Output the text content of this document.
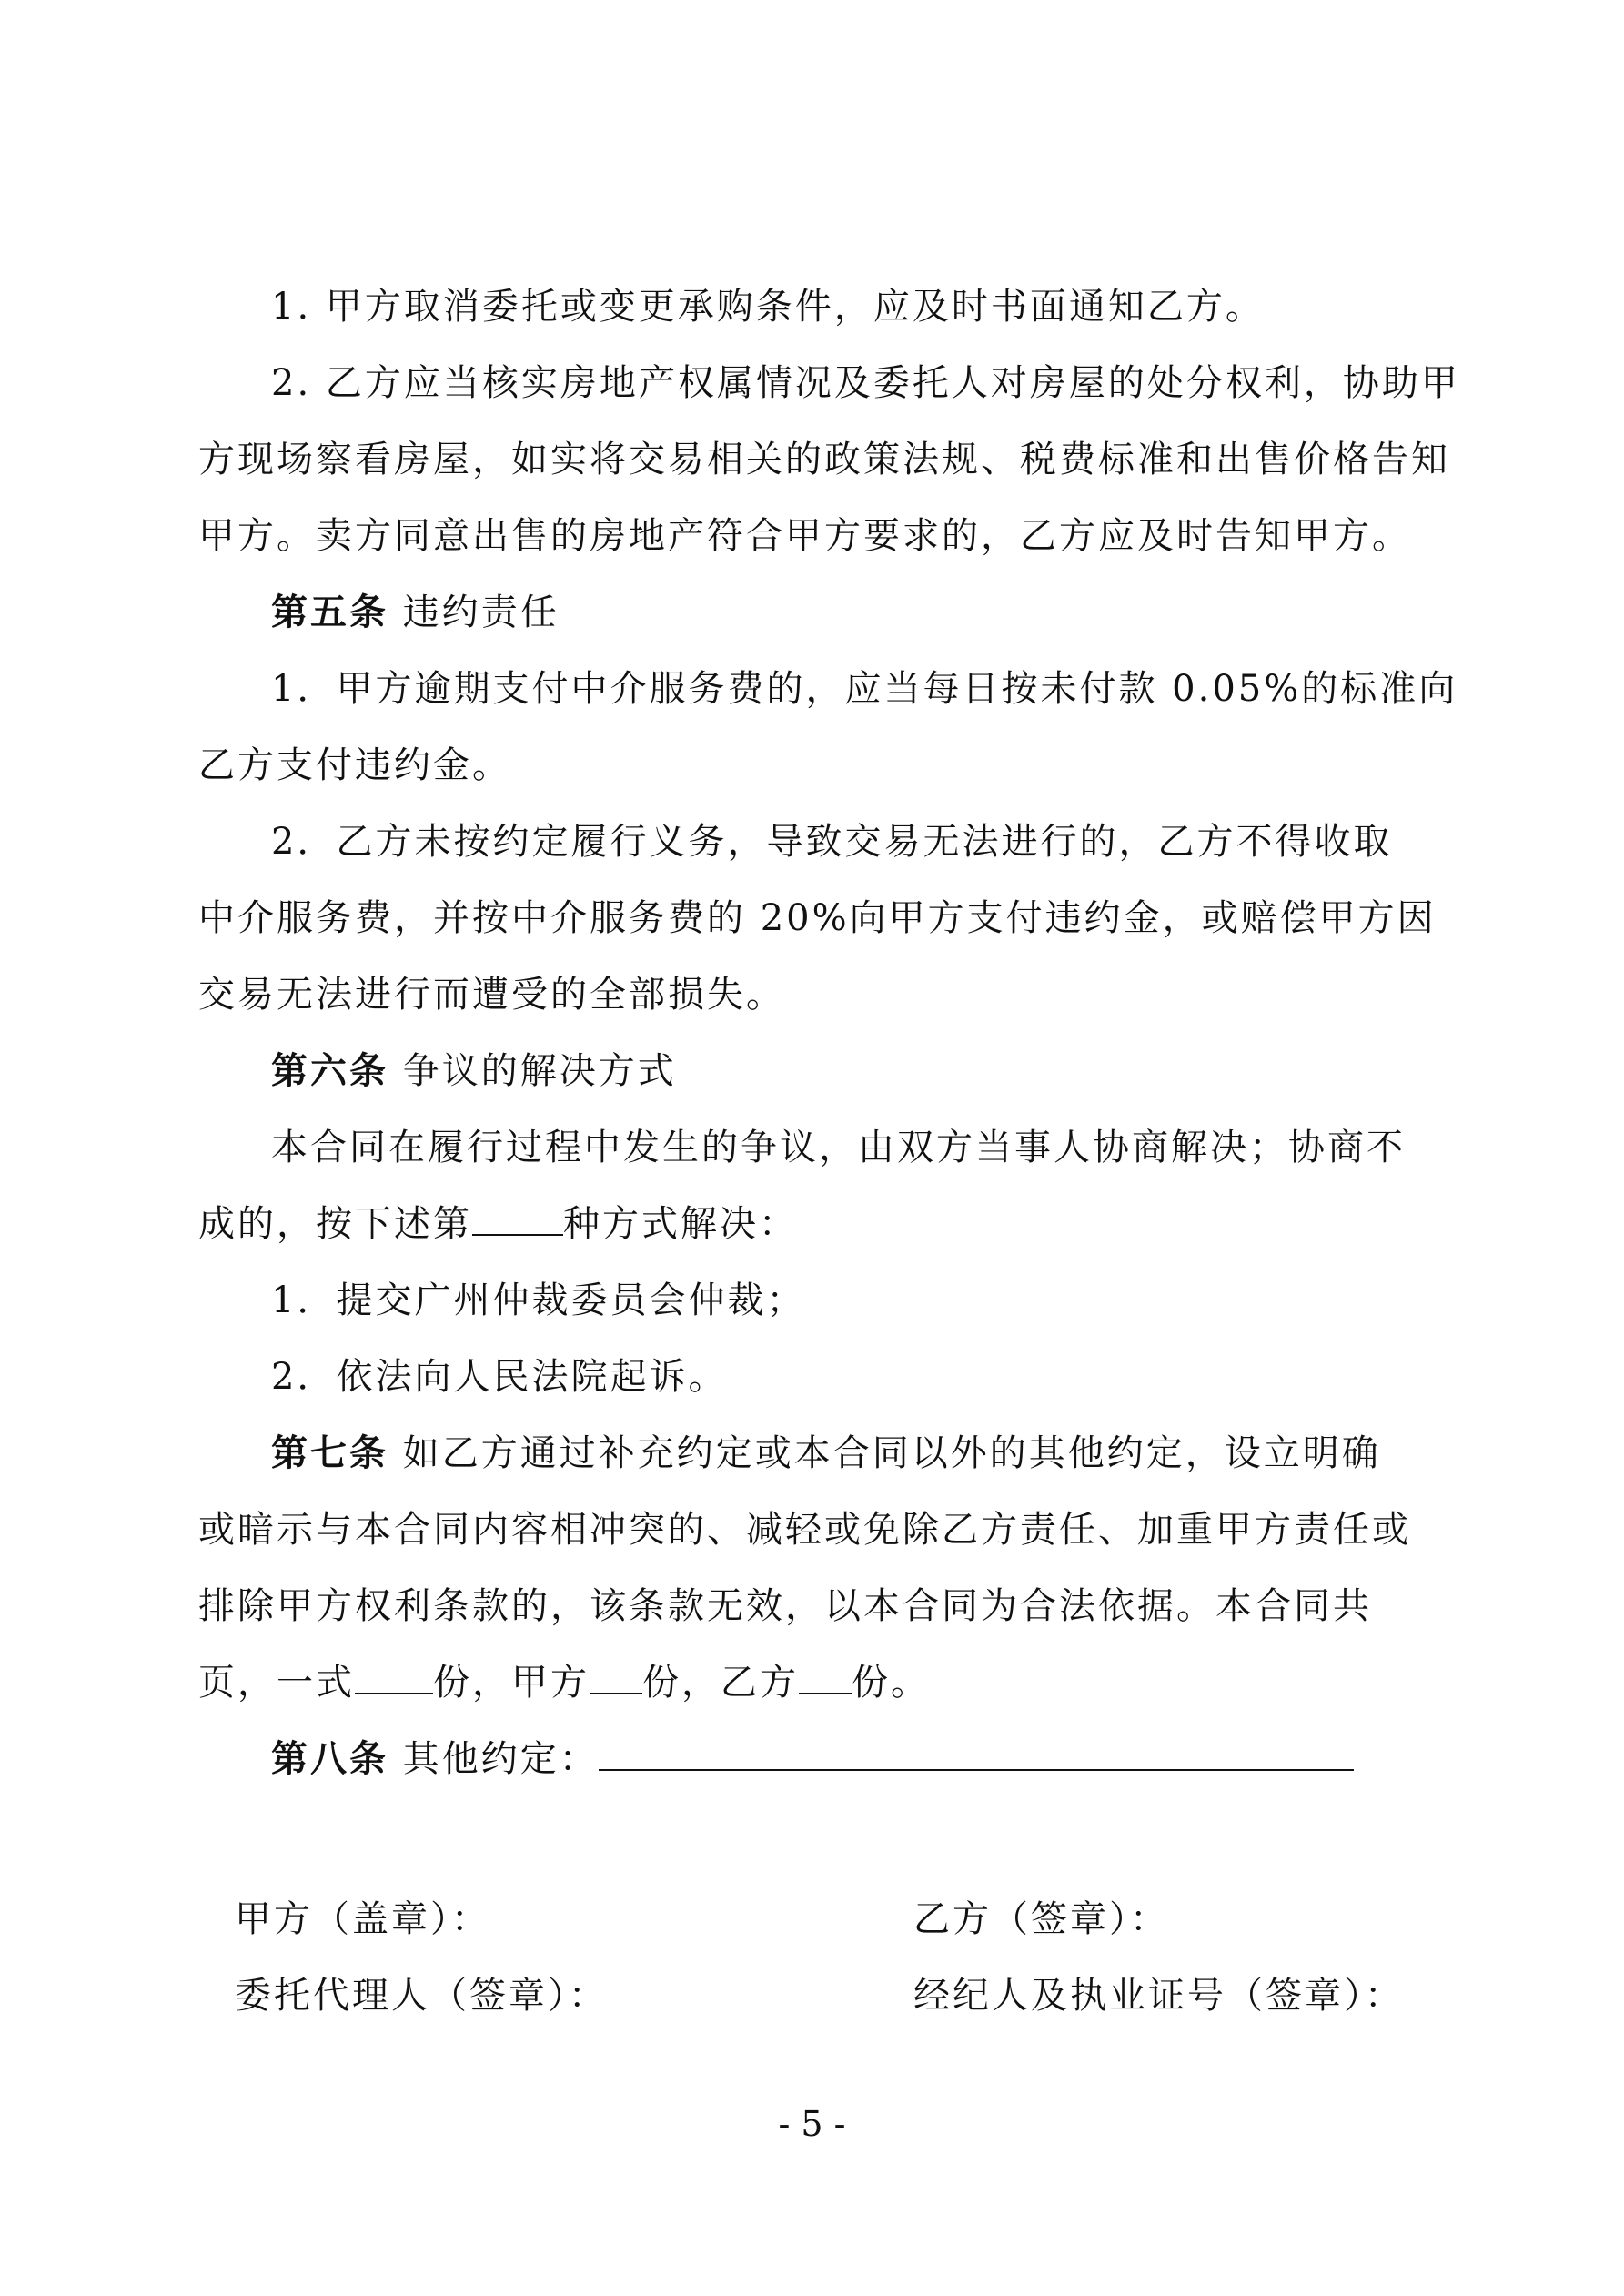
1. 甲方取消委托或变更承购条件，应及时书面通知乙方。
2. 乙方应当核实房地产权属情况及委托人对房屋的处分权利，协助甲
方现场察看房屋，如实将交易相关的政策法规、税费标准和出售价格告知
甲方。卖方同意出售的房地产符合甲方要求的，乙方应及时告知甲方。
第五条 违约责任
1．甲方逾期支付中介服务费的，应当每日按未付款 0.05%的标准向
乙方支付违约金。
2．乙方未按约定履行义务，导致交易无法进行的，乙方不得收取
中介服务费，并按中介服务费的 20%向甲方支付违约金，或赔偿甲方因
交易无法进行而遭受的全部损失。
第六条 争议的解决方式
本合同在履行过程中发生的争议，由双方当事人协商解决；协商不
成的，按下述第	种方式解决：
1．提交广州仲裁委员会仲裁；
2．依法向人民法院起诉。
第七条 如乙方通过补充约定或本合同以外的其他约定，设立明确
或暗示与本合同内容相冲突的、减轻或免除乙方责任、加重甲方责任或
排除甲方权利条款的，该条款无效，以本合同为合法依据。本合同共
页，一式 份，甲方 份，乙方 份。
第八条 其他约定：
甲方（盖章）：	乙方（签章）：
委托代理人（签章）：	经纪人及执业证号（签章）：
- 5 -
